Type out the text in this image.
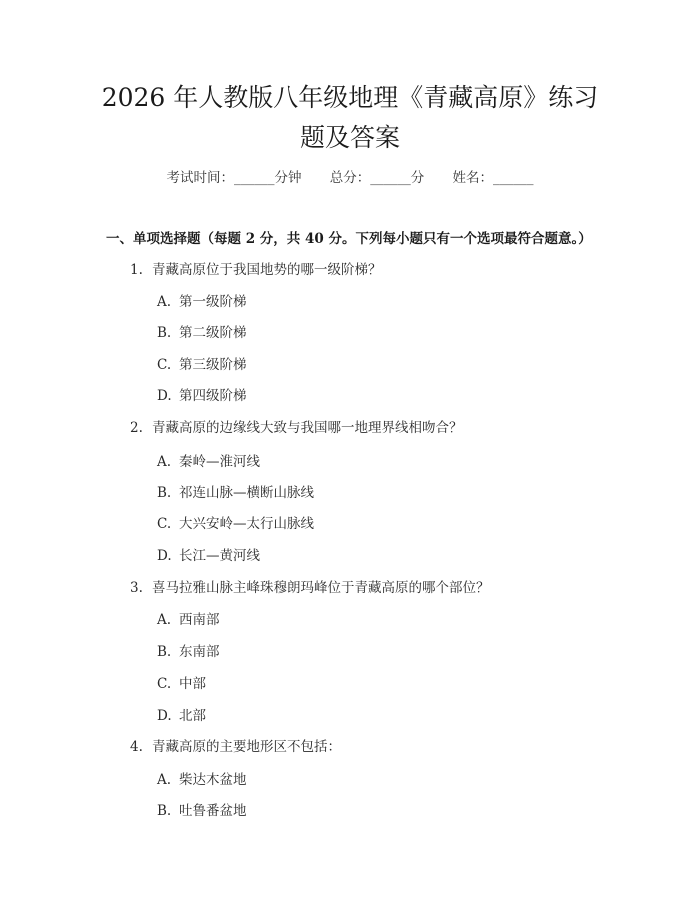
2026 年人教版八年级地理《青藏高原》练习
题及答案
考试时间：______分钟 总分：______分 姓名：______
一、单项选择题（每题 2 分，共 40 分。下列每小题只有一个选项最符合题意。）
1. 青藏高原位于我国地势的哪一级阶梯？
A. 第一级阶梯
B. 第二级阶梯
C. 第三级阶梯
D. 第四级阶梯
2. 青藏高原的边缘线大致与我国哪一地理界线相吻合？
A. 秦岭—淮河线
B. 祁连山脉—横断山脉线
C. 大兴安岭—太行山脉线
D. 长江—黄河线
3. 喜马拉雅山脉主峰珠穆朗玛峰位于青藏高原的哪个部位？
A. 西南部
B. 东南部
C. 中部
D. 北部
4. 青藏高原的主要地形区不包括：
A. 柴达木盆地
B. 吐鲁番盆地
